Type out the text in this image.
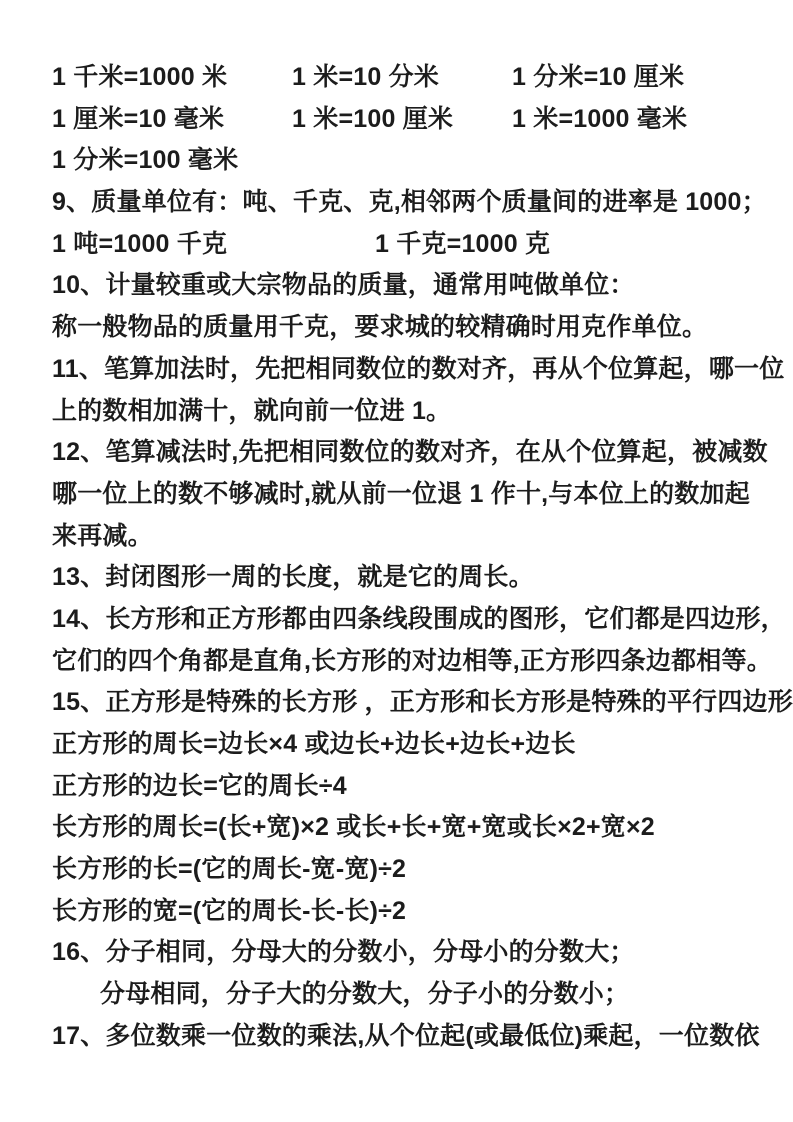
1 千米=1000 米	1 米=10 分米	1 分米=10 厘米
1 厘米=10 毫米	1 米=100 厘米 1 米=1000 毫米
1 分米=100 毫米
9、质量单位有：吨、千克、克,相邻两个质量间的进率是 1000；
1 吨=1000 千克	1 千克=1000 克
10、计量较重或大宗物品的质量，通常用吨做单位：
称一般物品的质量用千克，要求城的较精确时用克作单位。
11、笔算加法时，先把相同数位的数对齐，再从个位算起，哪一位
上的数相加满十，就向前一位进 1。
12、笔算减法时,先把相同数位的数对齐，在从个位算起，被减数
哪一位上的数不够减时,就从前一位退 1 作十,与本位上的数加起
来再减。
13、封闭图形一周的长度，就是它的周长。
14、长方形和正方形都由四条线段围成的图形，它们都是四边形，
它们的四个角都是直角,长方形的对边相等,正方形四条边都相等。
15、正方形是特殊的长方形 ，正方形和长方形是特殊的平行四边形
正方形的周长=边长×4 或边长+边长+边长+边长
正方形的边长=它的周长÷4
长方形的周长=(长+宽)×2 或长+长+宽+宽或长×2+宽×2
长方形的长=(它的周长-宽-宽)÷2
长方形的宽=(它的周长-长-长)÷2
16、分子相同，分母大的分数小，分母小的分数大；
分母相同，分子大的分数大，分子小的分数小；
17、多位数乘一位数的乘法,从个位起(或最低位)乘起，一位数依
